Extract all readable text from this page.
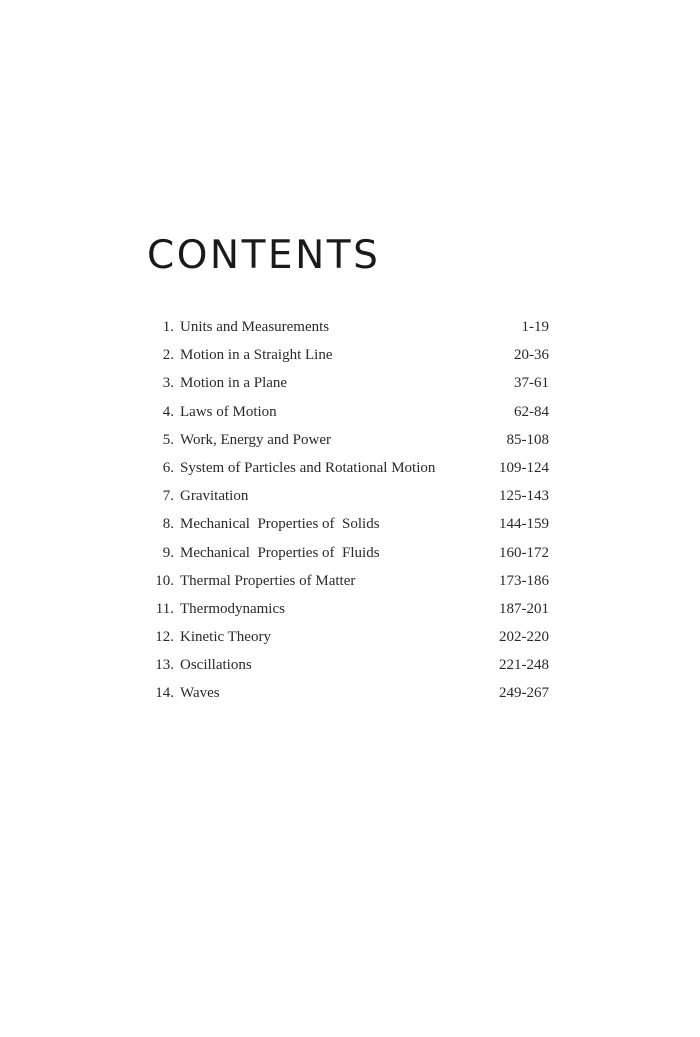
CONTENTS
1. Units and Measurements	1-19
2. Motion in a Straight Line	20-36
3. Motion in a Plane	37-61
4. Laws of Motion	62-84
5. Work, Energy and Power	85-108
6. System of Particles and Rotational Motion	109-124
7. Gravitation	125-143
8. Mechanical  Properties of  Solids	144-159
9. Mechanical  Properties of  Fluids	160-172
10. Thermal Properties of Matter	173-186
11. Thermodynamics	187-201
12. Kinetic Theory	202-220
13. Oscillations	221-248
14. Waves	249-267
